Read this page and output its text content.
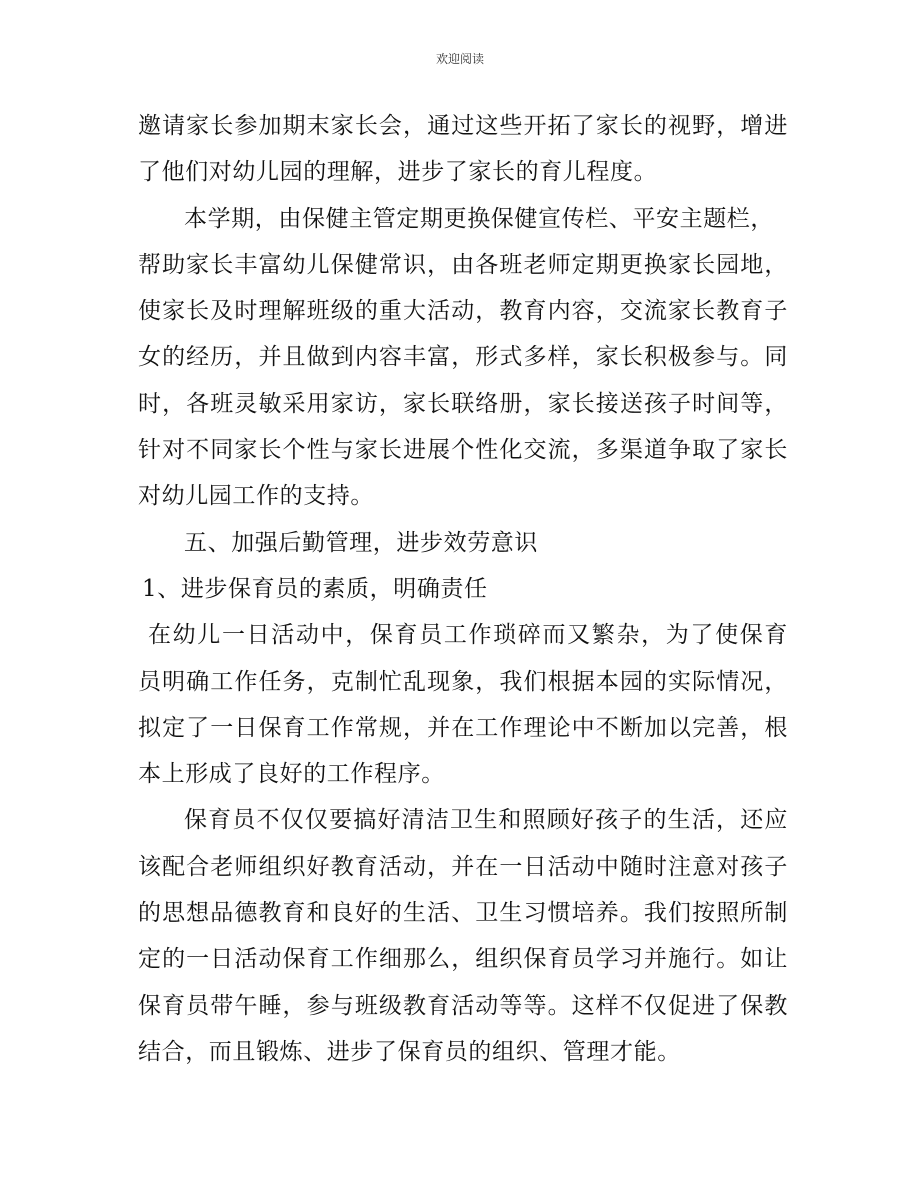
欢迎阅读
邀请家长参加期末家长会，通过这些开拓了家长的视野，增进
了他们对幼儿园的理解，进步了家长的育儿程度。
本学期，由保健主管定期更换保健宣传栏、平安主题栏，
帮助家长丰富幼儿保健常识，由各班老师定期更换家长园地，
使家长及时理解班级的重大活动，教育内容，交流家长教育子
女的经历，并且做到内容丰富，形式多样，家长积极参与。同
时，各班灵敏采用家访，家长联络册，家长接送孩子时间等，
针对不同家长个性与家长进展个性化交流，多渠道争取了家长
对幼儿园工作的支持。
五、加强后勤管理，进步效劳意识
1、进步保育员的素质，明确责任
在幼儿一日活动中，保育员工作琐碎而又繁杂，为了使保育
员明确工作任务，克制忙乱现象，我们根据本园的实际情况，
拟定了一日保育工作常规，并在工作理论中不断加以完善，根
本上形成了良好的工作程序。
保育员不仅仅要搞好清洁卫生和照顾好孩子的生活，还应
该配合老师组织好教育活动，并在一日活动中随时注意对孩子
的思想品德教育和良好的生活、卫生习惯培养。我们按照所制
定的一日活动保育工作细那么，组织保育员学习并施行。如让
保育员带午睡，参与班级教育活动等等。这样不仅促进了保教
结合，而且锻炼、进步了保育员的组织、管理才能。
